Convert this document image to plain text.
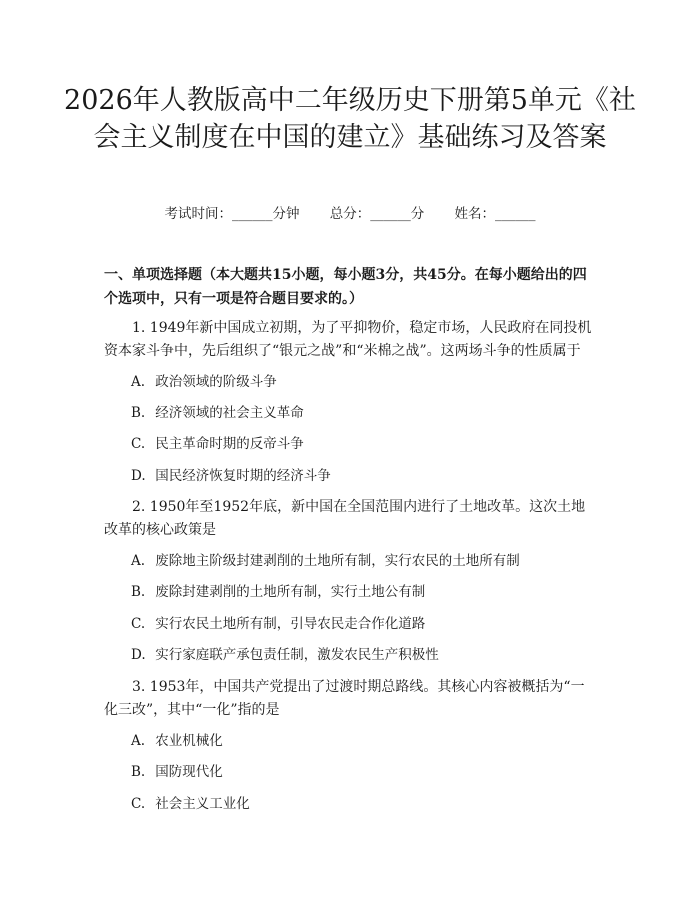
2026年人教版高中二年级历史下册第5单元《社会主义制度在中国的建立》基础练习及答案
考试时间：______分钟 总分：______分 姓名：______

一、单项选择题（本大题共15小题，每小题3分，共45分。在每小题给出的四个选项中，只有一项是符合题目要求的。）

1. 1949年新中国成立初期，为了平抑物价，稳定市场，人民政府在同投机资本家斗争中，先后组织了“银元之战”和“米棉之战”。这两场斗争的性质属于

A. 政治领域的阶级斗争

B. 经济领域的社会主义革命

C. 民主革命时期的反帝斗争

D. 国民经济恢复时期的经济斗争

2. 1950年至1952年底，新中国在全国范围内进行了土地改革。这次土地改革的核心政策是

A. 废除地主阶级封建剥削的土地所有制，实行农民的土地所有制

B. 废除封建剥削的土地所有制，实行土地公有制

C. 实行农民土地所有制，引导农民走合作化道路

D. 实行家庭联产承包责任制，激发农民生产积极性

3. 1953年，中国共产党提出了过渡时期总路线。其核心内容被概括为“一化三改”，其中“一化”指的是

A. 农业机械化

B. 国防现代化

C. 社会主义工业化
